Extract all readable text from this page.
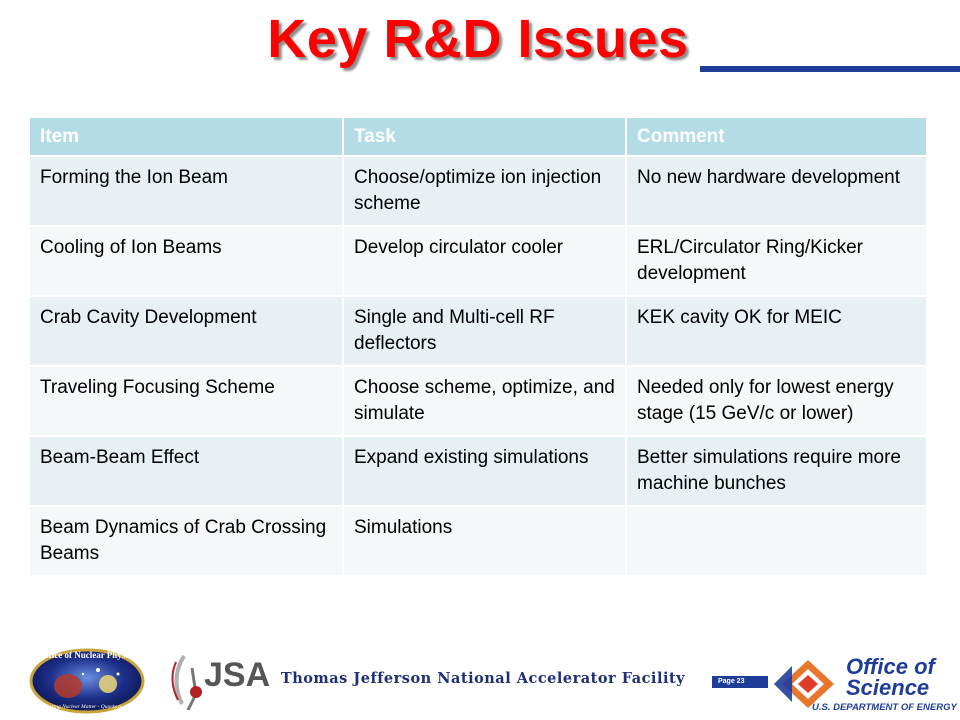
Key R&D Issues
Item	Task	Comment
Forming the Ion Beam	Choose/optimize ion injection scheme	No new hardware development
Cooling of Ion Beams	Develop circulator cooler	ERL/Circulator Ring/Kicker development
Crab Cavity Development	Single and Multi-cell RF deflectors	KEK cavity OK for MEIC
Traveling Focusing Scheme	Choose scheme, optimize, and simulate	Needed only for lowest energy stage (15 GeV/c or lower)
Beam-Beam Effect	Expand existing simulations	Better simulations require more machine bunches
Beam Dynamics of Crab Crossing Beams	Simulations	
Office of Nuclear Physics
Exploring Nuclear Matter - Quarks to Stars
JSA Thomas Jefferson National Accelerator Facility	Page 23
Office of
Science
U.S. DEPARTMENT OF ENERGY
